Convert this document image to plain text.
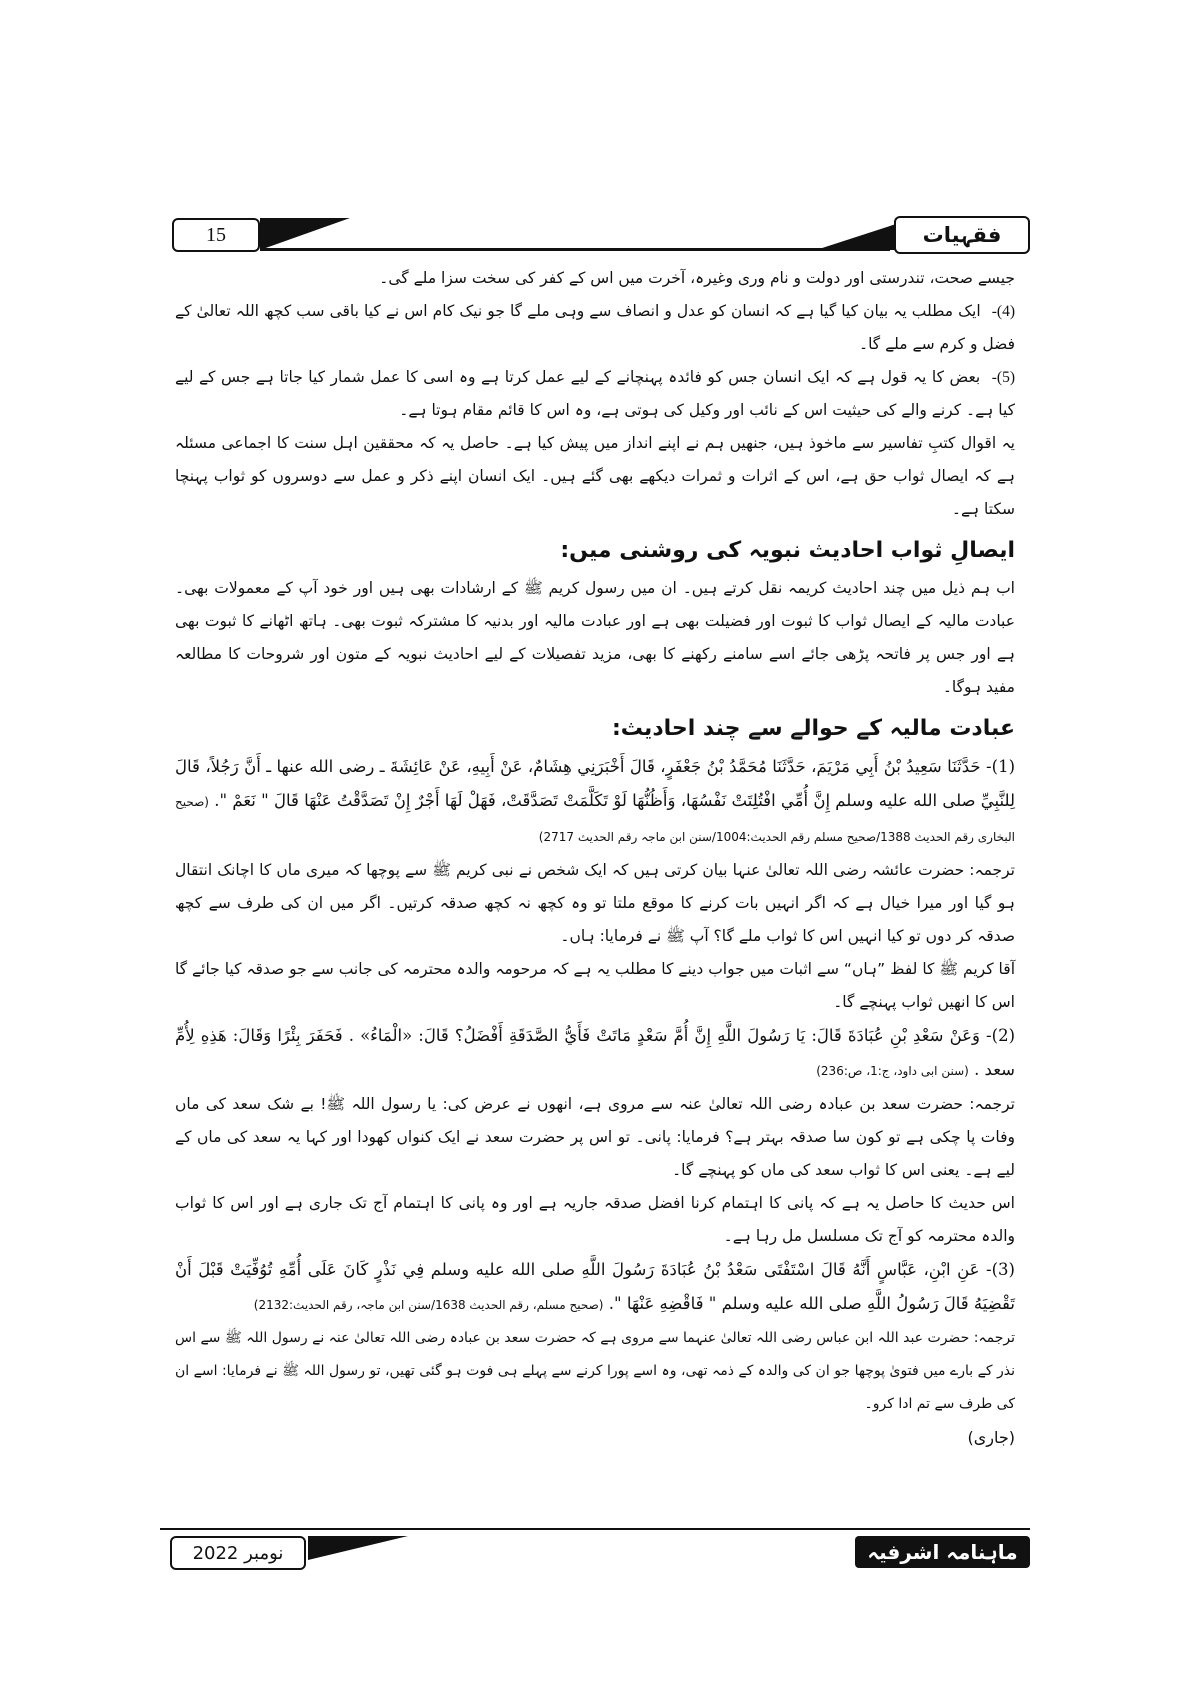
15	فقہیات

جیسے صحت، تندرستی اور دولت و نام وری وغیرہ، آخرت میں اس کے کفر کی سخت سزا ملے گی۔

(4)- ایک مطلب یہ بیان کیا گیا ہے کہ انسان کو عدل و انصاف سے وہی ملے گا جو نیک کام اس نے کیا باقی سب کچھ اللہ تعالیٰ کے فضل و کرم سے ملے گا۔

(5)- بعض کا یہ قول ہے کہ ایک انسان جس کو فائدہ پہنچانے کے لیے عمل کرتا ہے وہ اسی کا عمل شمار کیا جاتا ہے جس کے لیے کیا ہے۔ کرنے والے کی حیثیت اس کے نائب اور وکیل کی ہوتی ہے، وہ اس کا قائم مقام ہوتا ہے۔

یہ اقوال کتبِ تفاسیر سے ماخوذ ہیں، جنھیں ہم نے اپنے انداز میں پیش کیا ہے۔ حاصل یہ کہ محققین اہل سنت کا اجماعی مسئلہ ہے کہ ایصال ثواب حق ہے، اس کے اثرات و ثمرات دیکھے بھی گئے ہیں۔ ایک انسان اپنے ذکر و عمل سے دوسروں کو ثواب پہنچا سکتا ہے۔

ایصالِ ثواب احادیث نبویہ کی روشنی میں:

اب ہم ذیل میں چند احادیث کریمہ نقل کرتے ہیں۔ ان میں رسول کریم ﷺ کے ارشادات بھی ہیں اور خود آپ کے معمولات بھی۔ عبادت مالیہ کے ایصال ثواب کا ثبوت اور فضیلت بھی ہے اور عبادت مالیہ اور بدنیہ کا مشترکہ ثبوت بھی۔ ہاتھ اٹھانے کا ثبوت بھی ہے اور جس پر فاتحہ پڑھی جائے اسے سامنے رکھنے کا بھی، مزید تفصیلات کے لیے احادیث نبویہ کے متون اور شروحات کا مطالعہ مفید ہوگا۔

عبادت مالیہ کے حوالے سے چند احادیث:

(1)- حَدَّثَنَا سَعِيدُ بْنُ أَبِي مَرْيَمَ، حَدَّثَنَا مُحَمَّدُ بْنُ جَعْفَرٍ، قَالَ أَخْبَرَنِي هِشَامٌ، عَنْ أَبِيهِ، عَنْ عَائِشَةَ ـ رضى الله عنها ـ أَنَّ رَجُلاً، قَالَ لِلنَّبِيِّ صلى الله عليه وسلم إِنَّ أُمِّي افْتُلِتَتْ نَفْسُهَا، وَأَظُنُّهَا لَوْ تَكَلَّمَتْ تَصَدَّقَتْ، فَهَلْ لَهَا أَجْرٌ إِنْ تَصَدَّقْتُ عَنْهَا قَالَ " نَعَمْ ". (صحیح البخاری رقم الحدیث 1388/صحیح مسلم رقم الحدیث:1004/سنن ابن ماجہ رقم الحدیث 2717)

ترجمہ: حضرت عائشہ رضی اللہ تعالیٰ عنہا بیان کرتی ہیں کہ ایک شخص نے نبی کریم ﷺ سے پوچھا کہ میری ماں کا اچانک انتقال ہو گیا اور میرا خیال ہے کہ اگر انہیں بات کرنے کا موقع ملتا تو وہ کچھ نہ کچھ صدقہ کرتیں۔ اگر میں ان کی طرف سے کچھ صدقہ کر دوں تو کیا انہیں اس کا ثواب ملے گا؟ آپ ﷺ نے فرمایا: ہاں۔

آقا کریم ﷺ کا لفظ ”ہاں“ سے اثبات میں جواب دینے کا مطلب یہ ہے کہ مرحومہ والدہ محترمہ کی جانب سے جو صدقہ کیا جائے گا اس کا انھیں ثواب پہنچے گا۔

(2)- وَعَنْ سَعْدِ بْنِ عُبَادَةَ قَالَ: يَا رَسُولَ اللَّهِ إِنَّ أُمَّ سَعْدٍ مَاتَتْ فَأَيُّ الصَّدَقَةِ أَفْضَلُ؟ قَالَ: «الْمَاءُ» . فَحَفَرَ بِئْرًا وَقَالَ: هَذِهِ لِأُمِّ سعد . (سنن ابی داود، ج:1، ص:236)

ترجمہ: حضرت سعد بن عبادہ رضی اللہ تعالیٰ عنہ سے مروی ہے، انھوں نے عرض کی: یا رسول اللہ ﷺ! بے شک سعد کی ماں وفات پا چکی ہے تو کون سا صدقہ بہتر ہے؟ فرمایا: پانی۔ تو اس پر حضرت سعد نے ایک کنواں کھودا اور کہا یہ سعد کی ماں کے لیے ہے۔ یعنی اس کا ثواب سعد کی ماں کو پہنچے گا۔

اس حدیث کا حاصل یہ ہے کہ پانی کا اہتمام کرنا افضل صدقہ جاریہ ہے اور وہ پانی کا اہتمام آج تک جاری ہے اور اس کا ثواب والدہ محترمہ کو آج تک مسلسل مل رہا ہے۔

(3)- عَنِ ابْنِ، عَبَّاسٍ أَنَّهُ قَالَ اسْتَفْتَى سَعْدُ بْنُ عُبَادَةَ رَسُولَ اللَّهِ صلى الله عليه وسلم فِي نَذْرٍ كَانَ عَلَى أُمِّهِ تُوُفِّيَتْ قَبْلَ أَنْ تَقْضِيَهُ قَالَ رَسُولُ اللَّهِ صلى الله عليه وسلم " فَاقْضِهِ عَنْهَا ". (صحیح مسلم، رقم الحدیث 1638/سنن ابن ماجہ، رقم الحدیث:2132)

ترجمہ: حضرت عبد اللہ ابن عباس رضی اللہ تعالیٰ عنہما سے مروی ہے کہ حضرت سعد بن عبادہ رضی اللہ تعالیٰ عنہ نے رسول اللہ ﷺ سے اس نذر کے بارے میں فتویٰ پوچھا جو ان کی والدہ کے ذمہ تھی، وہ اسے پورا کرنے سے پہلے ہی فوت ہو گئی تھیں، تو رسول اللہ ﷺ نے فرمایا: اسے ان کی طرف سے تم ادا کرو۔

(جاری)

نومبر 2022	ماہنامہ اشرفیہ
